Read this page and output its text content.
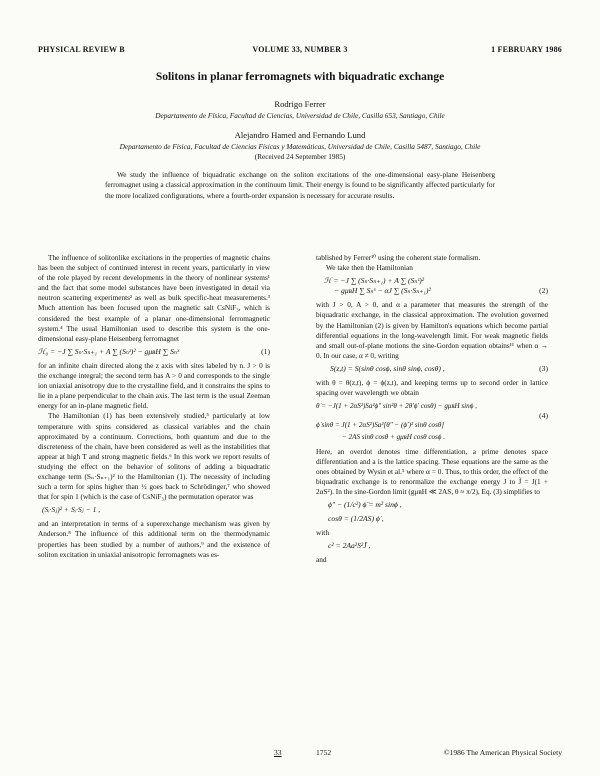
PHYSICAL REVIEW B	VOLUME 33, NUMBER 3	1 FEBRUARY 1986
Solitons in planar ferromagnets with biquadratic exchange
Rodrigo Ferrer
Departamento de Física, Facultad de Ciencias, Universidad de Chile, Casilla 653, Santiago, Chile
Alejandro Hamed and Fernando Lund
Departamento de Física, Facultad de Ciencias Físicas y Matemáticas, Universidad de Chile, Casilla 5487, Santiago, Chile
(Received 24 September 1985)
We study the influence of biquadratic exchange on the soliton excitations of the one-dimensional easy-plane Heisenberg ferromagnet using a classical approximation in the continuum limit. Their energy is found to be significantly affected particularly for the more localized configurations, where a fourth-order expansion is necessary for accurate results.

The influence of solitonlike excitations in the properties of magnetic chains has been the subject of continued interest in recent years, particularly in view of the role played by recent developments in the theory of nonlinear systems¹ and the fact that some model substances have been investigated in detail via neutron scattering experiments² as well as bulk specific-heat measurements.³ Much attention has been focused upon the magnetic salt CsNiF₃, which is considered the best example of a planar one-dimensional ferromagnetic system.⁴ The usual Hamiltonian used to describe this system is the one-dimensional easy-plane Heisenberg ferromagnet

ℋ₀ = −J ∑ Sₙ·Sₙ₊₁ + A ∑ (Sₙᶻ)² − gμʙH ∑ Sₙˣ	(1)

for an infinite chain directed along the z axis with sites labeled by n. J > 0 is the exchange integral; the second term has A > 0 and corresponds to the single ion uniaxial anisotropy due to the crystalline field, and it constrains the spins to lie in a plane perpendicular to the chain axis. The last term is the usual Zeeman energy for an in-plane magnetic field.

The Hamiltonian (1) has been extensively studied,⁵ particularly at low temperature with spins considered as classical variables and the chain approximated by a continuum. Corrections, both quantum and due to the discreteness of the chain, have been considered as well as the instabilities that appear at high T and strong magnetic fields.⁶ In this work we report results of studying the effect on the behavior of solitons of adding a biquadratic exchange term (Sₙ·Sₙ₊₁)² to the Hamiltonian (1). The necessity of including such a term for spins higher than ½ goes back to Schrödinger,⁷ who showed that for spin 1 (which is the case of CsNiF₃) the permutation operator was

(Sᵢ·Sⱼ)² + Sᵢ·Sⱼ − 1 ,

and an interpretation in terms of a superexchange mechanism was given by Anderson.⁸ The influence of this additional term on the thermodynamic properties has been studied by a number of authors,⁹ and the existence of soliton excitation in uniaxial anisotropic ferromagnets was es-

tablished by Ferrer¹⁰ using the coherent state formalism.

We take then the Hamiltonian

ℋ = −J ∑ (Sₙ·Sₙ₊₁) + A ∑ (Sₙᶻ)²
− gμʙH ∑ Sₙˣ − αJ ∑ (Sₙ·Sₙ₊₁)²	(2)

with J > 0, A > 0, and α a parameter that measures the strength of the biquadratic exchange, in the classical approximation. The evolution governed by the Hamiltonian (2) is given by Hamilton's equations which become partial differential equations in the long-wavelength limit. For weak magnetic fields and small out-of-plane motions the sine-Gordon equation obtains¹¹ when α → 0. In our case, α ≠ 0, writing

S(z,t) = S(sinθ cosϕ, sinθ sinϕ, cosθ) ,	(3)

with θ = θ(z,t), ϕ = ϕ(z,t), and keeping terms up to second order in lattice spacing over wavelength we obtain

θ̇ = −J(1 + 2αS²)Sa²ϕ″ sin²θ + 2θ′ϕ′ cosθ) − gμʙH sinϕ ,
(4)
ϕ̇ sinθ = J(1 + 2αS²)Sa²[θ″ − (ϕ′)² sinθ cosθ]
− 2AS sinθ cosθ + gμʙH cosθ cosϕ .

Here, an overdot denotes time differentiation, a prime denotes space differentiation and a is the lattice spacing. These equations are the same as the ones obtained by Wysin et al.⁵ where α = 0. Thus, to this order, the effect of the biquadratic exchange is to renormalize the exchange energy J to J̃ = J(1 + 2αS²). In the sine-Gordon limit (gμʙH ≪ 2AS, θ ≈ π/2), Eq. (3) simplifies to

ϕ″ − (1/c²) ϕ̈ = m² sinϕ ,
cosθ = (1/2AS) ϕ̇ ,

with

c² = 2Aa²S²J̃ ,

and

33	1752	©1986 The American Physical Society
